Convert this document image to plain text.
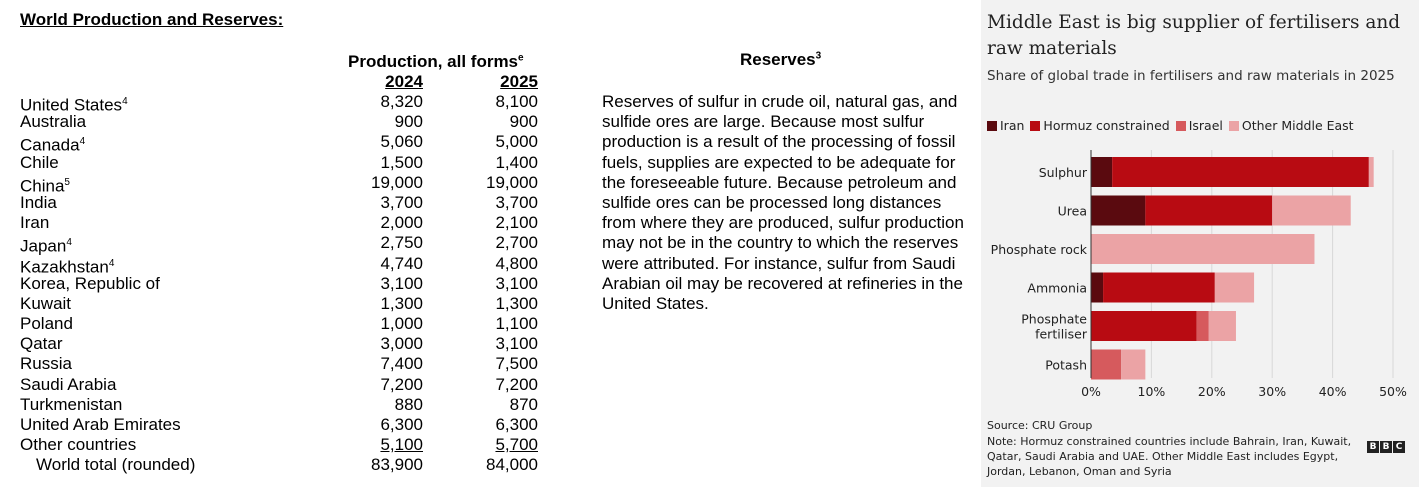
World Production and Reserves:
Production, all forms$^e$
2024	2025
United States$^4$	8,320	8,100
Australia	900	900
Canada$^4$	5,060	5,000
Chile	1,500	1,400
China$^5$	19,000	19,000
India	3,700	3,700
Iran	2,000	2,100
Japan$^4$	2,750	2,700
Kazakhstan$^4$	4,740	4,800
Korea, Republic of	3,100	3,100
Kuwait	1,300	1,300
Poland	1,000	1,100
Qatar	3,000	3,100
Russia	7,400	7,500
Saudi Arabia	7,200	7,200
Turkmenistan	880	870
United Arab Emirates	6,300	6,300
Other countries	5,100	5,700
World total (rounded)	83,900	84,000
Reserves$^3$
Reserves of sulfur in crude oil, natural gas, and sulfide ores are large. Because most sulfur production is a result of the processing of fossil fuels, supplies are expected to be adequate for the foreseeable future. Because petroleum and sulfide ores can be processed long distances from where they are produced, sulfur production may not be in the country to which the reserves were attributed. For instance, sulfur from Saudi Arabian oil may be recovered at refineries in the United States.
Middle East is big supplier of fertilisers and raw materials
Share of global trade in fertilisers and raw materials in 2025
Iran Hormuz constrained Israel Other Middle East
Sulphur
Urea
Phosphate rock
Ammonia
Phosphate
fertiliser
Potash
0%	10%	20%	30%	40%	50%
Source: CRU Group
Note: Hormuz constrained countries include Bahrain, Iran, Kuwait, Qatar, Saudi Arabia and UAE. Other Middle East includes Egypt, Jordan, Lebanon, Oman and Syria
B B C
